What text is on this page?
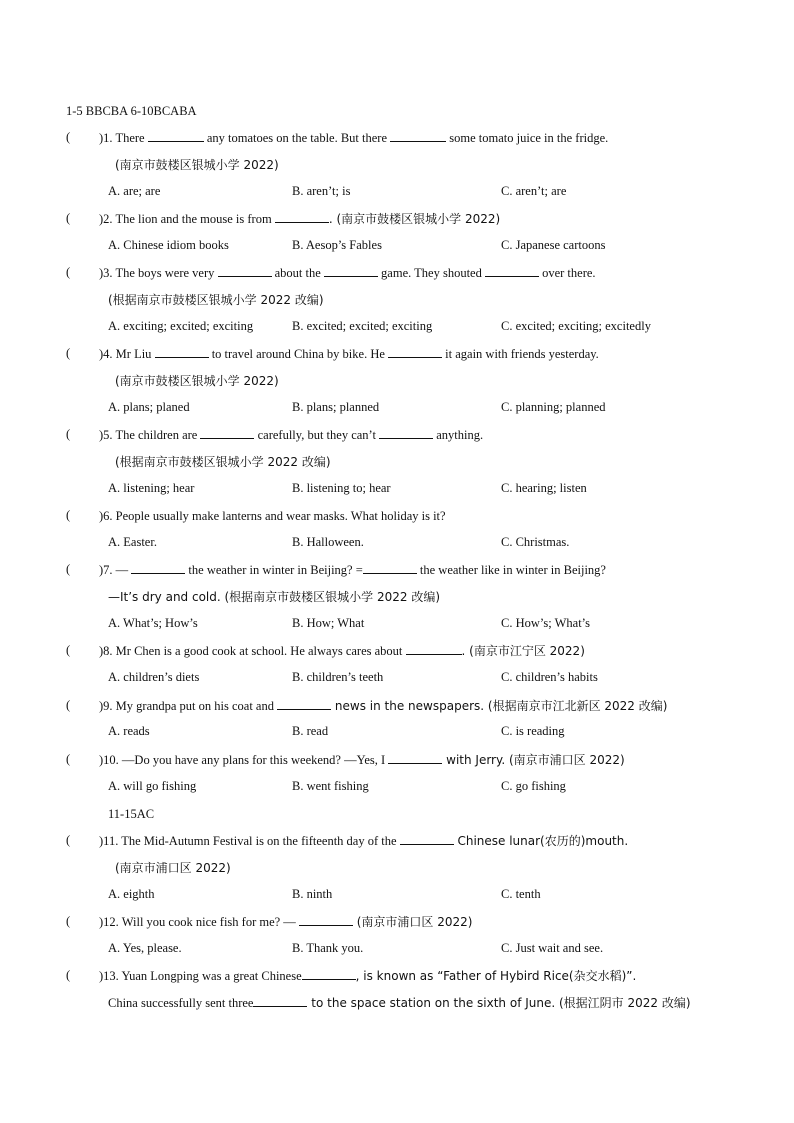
1-5 BBCBA 6-10BCABA
( )1. There	any tomatoes on the table. But there	some tomato juice in the fridge.
(南京市鼓楼区银城小学 2022)
A. are; are	B. aren’t; is	C. aren’t; are
( )2. The lion and the mouse is from	. (南京市鼓楼区银城小学 2022)
A. Chinese idiom books	B. Aesop’s Fables	C. Japanese cartoons
( )3. The boys were very	about the	game. They shouted	over there.
(根据南京市鼓楼区银城小学 2022 改编)
A. exciting; excited; exciting	B. excited; excited; exciting	C. excited; exciting; excitedly
( )4. Mr Liu	to travel around China by bike. He	it again with friends yesterday.
(南京市鼓楼区银城小学 2022)
A. plans; planed	B. plans; planned	C. planning; planned
( )5. The children are	carefully, but they can’t	anything.
(根据南京市鼓楼区银城小学 2022 改编)
A. listening; hear	B. listening to; hear	C. hearing; listen
( )6. People usually make lanterns and wear masks. What holiday is it?
A. Easter.	B. Halloween.	C. Christmas.
( )7. —	the weather in winter in Beijing? =	the weather like in winter in Beijing?
—It’s dry and cold. (根据南京市鼓楼区银城小学 2022 改编)
A. What’s; How’s	B. How; What	C. How’s; What’s
( )8. Mr Chen is a good cook at school. He always cares about	. (南京市江宁区 2022)
A. children’s diets	B. children’s teeth	C. children’s habits
( )9. My grandpa put on his coat and	news in the newspapers. (根据南京市江北新区 2022 改编)
A. reads	B. read	C. is reading
( )10. —Do you have any plans for this weekend? —Yes, I	with Jerry. (南京市浦口区 2022)
A. will go fishing	B. went fishing	C. go fishing
11-15AC
( )11. The Mid-Autumn Festival is on the fifteenth day of the	Chinese lunar(农历的)mouth.
(南京市浦口区 2022)
A. eighth	B. ninth	C. tenth
( )12. Will you cook nice fish for me? —	(南京市浦口区 2022)
A. Yes, please.	B. Thank you.	C. Just wait and see.
( )13. Yuan Longping was a great Chinese	, is known as “Father of Hybird Rice(杂交水稻)”.
China successfully sent three	to the space station on the sixth of June. (根据江阴市 2022 改编)
